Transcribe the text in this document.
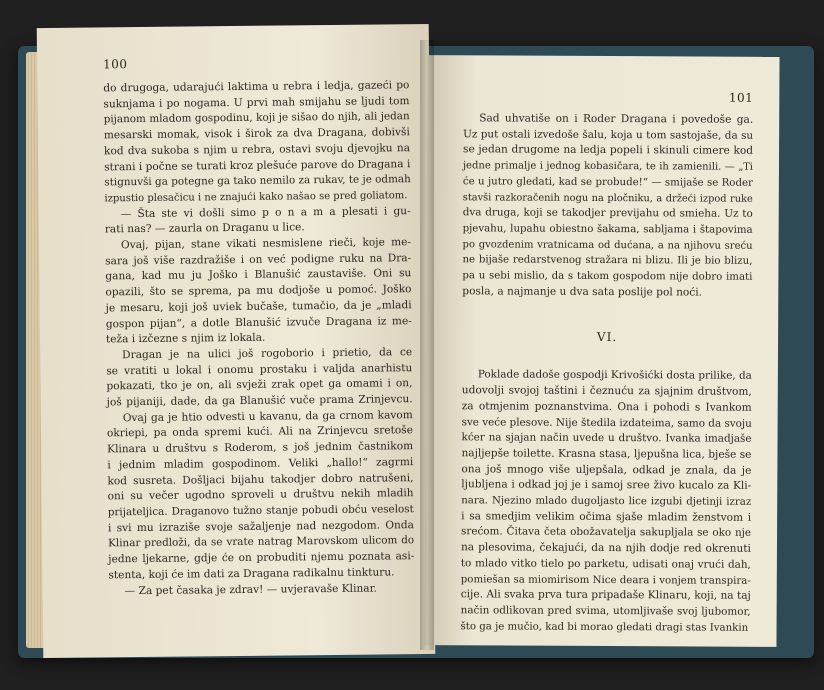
100
do drugoga, udarajući laktima u rebra i ledja, gazeći po
suknjama i po nogama. U prvi mah smijahu se ljudi tom
pijanom mladom gospodinu, koji je sišao do njih, ali jedan
mesarski momak, visok i širok za dva Dragana, dobivši
kod dva sukoba s njim u rebra, ostavi svoju djevojku na
strani i počne se turati kroz plešuće parove do Dragana i
stignuvši ga potegne ga tako nemilo za rukav, te je odmah
izpustio plesačicu i ne znajući kako našao se pred goliatom.
— Šta ste vi došli simo p o n a m a plesati i gu-
rati nas? — zaurla on Draganu u lice.
Ovaj, pijan, stane vikati nesmislene rieči, koje me-
sara još više razdražiše i on već podigne ruku na Dra-
gana, kad mu ju Joško i Blanušić zaustaviše. Oni su
opazili, što se sprema, pa mu dodjoše u pomoć. Joško
je mesaru, koji još uviek bučaše, tumačio, da je „mladi
gospon pijan“, a dotle Blanušić izvuče Dragana iz me-
teža i izčezne s njim iz lokala.
Dragan je na ulici još rogoborio i prietio, da ce
se vratiti u lokal i onomu prostaku i valjda anarhistu
pokazati, tko je on, ali svježi zrak opet ga omami i on,
još pijaniji, dade, da ga Blanušić vuče prama Zrinjevcu.
Ovaj ga je htio odvesti u kavanu, da ga crnom kavom
okriepi, pa onda spremi kući. Ali na Zrinjevcu sretoše
Klinara u društvu s Roderom, s još jednim častnikom
i jednim mladim gospodinom. Veliki „hallo!“ zagrmi
kod susreta. Došljaci bijahu takodjer dobro natrušeni,
oni su večer ugodno sproveli u društvu nekih mladih
prijateljica. Draganovo tužno stanje pobudi obću veselost
i svi mu izraziše svoje sažaljenje nad nezgodom. Onda
Klinar predloži, da se vrate natrag Marovskom ulicom do
jedne ljekarne, gdje će on probuditi njemu poznata asi-
stenta, koji će im dati za Dragana radikalnu tinkturu.
— Za pet časaka je zdrav! — uvjeravaše Klinar.
101
Sad uhvatiše on i Roder Dragana i povedoše ga.
Uz put ostali izvedoše šalu, koja u tom sastojaše, da su
se jedan drugome na ledja popeli i skinuli cimere kod
jedne primalje i jednog kobasičara, te ih zamienili. — „Ti
će u jutro gledati, kad se probude!“ — smijaše se Roder
stavši razkoračenih nogu na pločniku, a držeći izpod ruke
dva druga, koji se takodjer previjahu od smieha. Uz to
pjevahu, lupahu obiestno šakama, sabljama i štapovima
po gvozdenim vratnicama od dućana, a na njihovu sreću
ne bijaše redarstvenog stražara ni blizu. Ili je bio blizu,
pa u sebi mislio, da s takom gospodom nije dobro imati
posla, a najmanje u dva sata poslije pol noći.
VI.
Poklade dadoše gospodji Krivošićki dosta prilike, da
udovolji svojoj taštini i čeznuću za sjajnim društvom,
za otmjenim poznanstvima. Ona i pohodi s Ivankom
sve veće plesove. Nije štedila izdateima, samo da svoju
kćer na sjajan način uvede u društvo. Ivanka imadjaše
najljepše toilette. Krasna stasa, ljepušna lica, bješe se
ona još mnogo više uljepšala, odkad je znala, da je
ljubljena i odkad joj je i samoj sree živo kucalo za Kli-
nara. Njezino mlado dugoljasto lice izgubi djetinji izraz
i sa smedjim velikim očima sjaše mladim ženstvom i
srećom. Čitava četa obožavatelja sakupljala se oko nje
na plesovima, čekajući, da na njih dodje red okrenuti
to mlado vitko tielo po parketu, udisati onaj vrući dah,
pomiešan sa miomirisom Nice deara i vonjem transpira-
cije. Ali svaka prva tura pripadaše Klinaru, koji, na taj
način odlikovan pred svima, utomljivaše svoj ljubomor,
što ga je mučio, kad bi morao gledati dragi stas Ivankin
